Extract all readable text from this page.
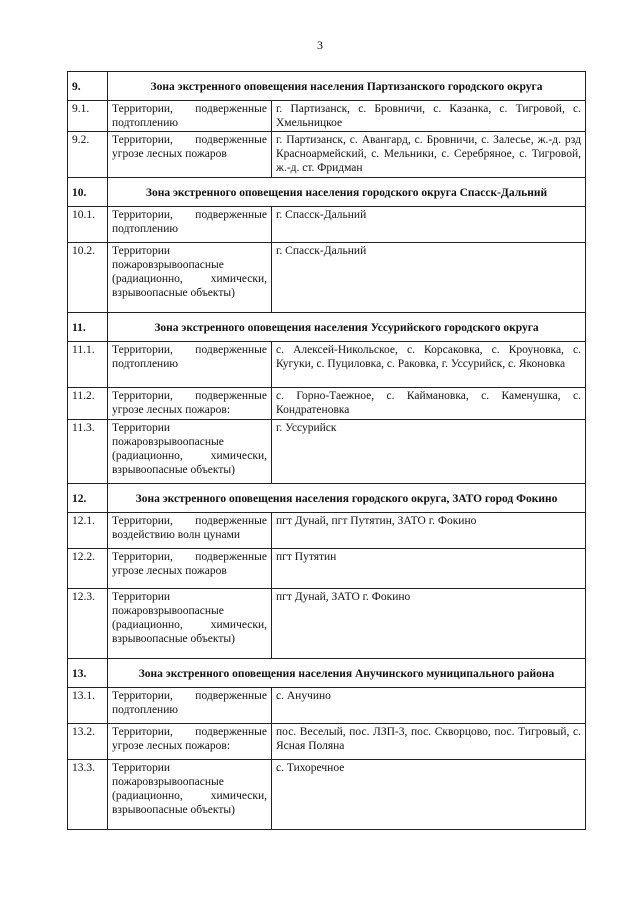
3
9.	Зона экстренного оповещения населения Партизанского городского округа	
9.1.	Территории, подверженные подтоплению	г. Партизанск, с. Бровничи, с. Казанка, с. Тигровой, с. Хмельницкое
9.2.	Территории, подверженные угрозе лесных пожаров	г. Партизанск, с. Авангард, с. Бровничи, с. Залесье, ж.-д. рзд Красноармейский, с. Мельники, с. Серебряное, с. Тигровой, ж.-д. ст. Фридман
10.	Зона экстренного оповещения населения городского округа Спасск-Дальний	
10.1.	Территории, подверженные подтоплению	г. Спасск-Дальний
10.2.	Территории пожаровзрывоопасные (радиационно, химически, взрывоопасные объекты)	г. Спасск-Дальний
11.	Зона экстренного оповещения населения Уссурийского городского округа	
11.1.	Территории, подверженные подтоплению	с. Алексей-Никольское, с. Корсаковка, с. Кроуновка, с. Кугуки, с. Пуциловка, с. Раковка, г. Уссурийск, с. Яконовка
11.2.	Территории, подверженные угрозе лесных пожаров:	с. Горно-Таежное, с. Каймановка, с. Каменушка, с. Кондратеновка
11.3.	Территории пожаровзрывоопасные (радиационно, химически, взрывоопасные объекты)	г. Уссурийск
12.	Зона экстренного оповещения населения городского округа, ЗАТО город Фокино	
12.1.	Территории, подверженные воздействию волн цунами	пгт Дунай, пгт Путятин, ЗАТО г. Фокино
12.2.	Территории, подверженные угрозе лесных пожаров	пгт Путятин
12.3.	Территории пожаровзрывоопасные (радиационно, химически, взрывоопасные объекты)	пгт Дунай, ЗАТО г. Фокино
13.	Зона экстренного оповещения населения Анучинского муниципального района	
13.1.	Территории, подверженные подтоплению	с. Анучино
13.2.	Территории, подверженные угрозе лесных пожаров:	пос. Веселый, пос. ЛЗП-3, пос. Скворцово, пос. Тигровый, с. Ясная Поляна
13.3.	Территории пожаровзрывоопасные (радиационно, химически, взрывоопасные объекты)	с. Тихоречное
